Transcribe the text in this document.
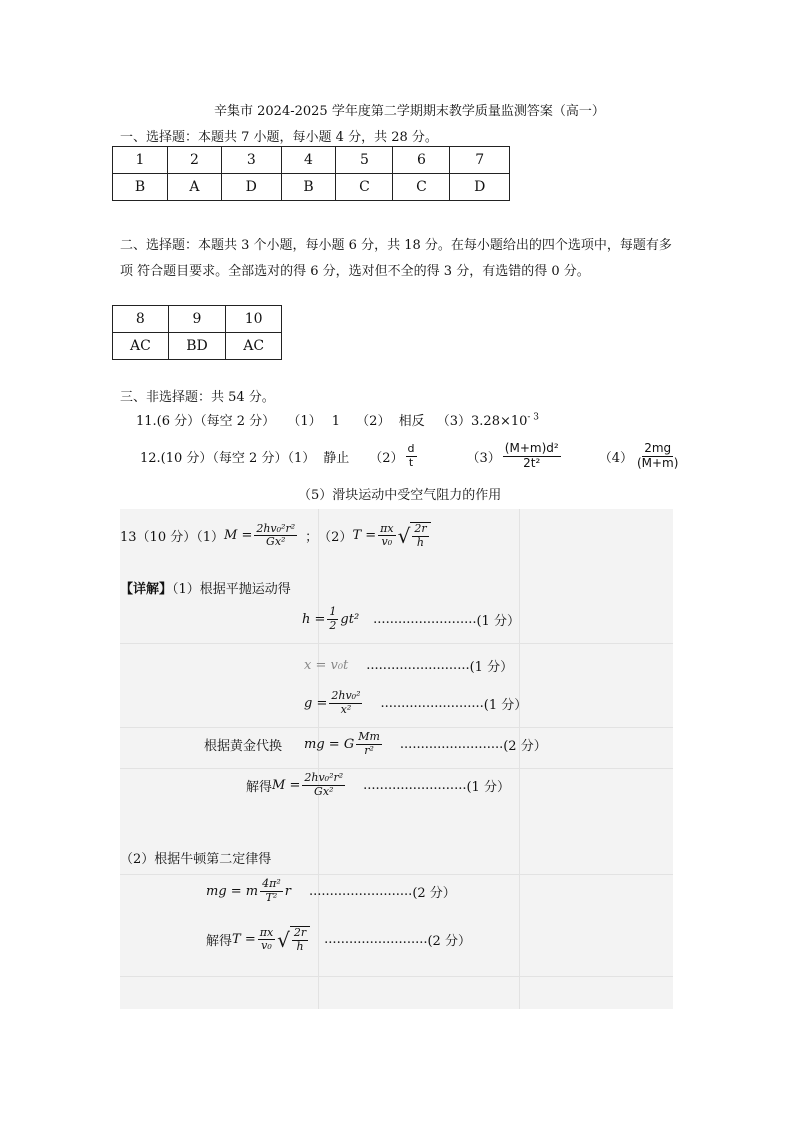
辛集市 2024-2025 学年度第二学期期末教学质量监测答案（高一）
一、选择题：本题共 7 小题，每小题 4 分，共 28 分。
1	2	3	4	5	6	7
B	A	D	B	C	C	D
二、选择题：本题共 3 个小题，每小题 6 分，共 18 分。在每小题给出的四个选项中，每题有多
项 符合题目要求。全部选对的得 6 分，选对但不全的得 3 分，有选错的得 0 分。
8	9	10
AC	BD	AC
三、非选择题：共 54 分。
11.(6 分）（每空 2 分） （1） 1 （2） 相反 $(3)3.28\times 10^{- 3}$
12.(10 分）（每空 2 分）（1） 静止 $(2) \frac{d}{t}$	$(3) \frac{\text{(M+m)d²}}{\text{2t²}}$	$(4) \frac{2mg}{(M+m)}$
（5）滑块运动中受空气阻力的作用
13（10 分）（1） $M = \frac{\text{2hv₀²r²}}{\text{Gx²}}$ ； （2） $T = \frac{\pi x}{\text{v₀}}$ √ $\frac{2r}{h}$
【详解】（1）根据平抛运动得
$h = \frac{1}{2} gt^2$ ......................... (1 分）
x = v₀t ......................... (1 分）
$g = \frac{\text{2hv₀²}}{\text{x²}}$ ......................... (1 分）
根据黄金代换 mg = G $\frac{Mm}{\text{r²}}$ ......................... (2 分）
解得 $M = \frac{\text{2hv₀²r²}}{\text{Gx²}}$ ......................... (1 分）
（2）根据牛顿第二定律得
mg = m $\frac{\text{4π²}}{\text{T²}}$ r ......................... (2 分）
解得 $T = \frac{\pi x}{\text{v₀}}$ √ $\frac{2r}{h}$ ......................... (2 分）
